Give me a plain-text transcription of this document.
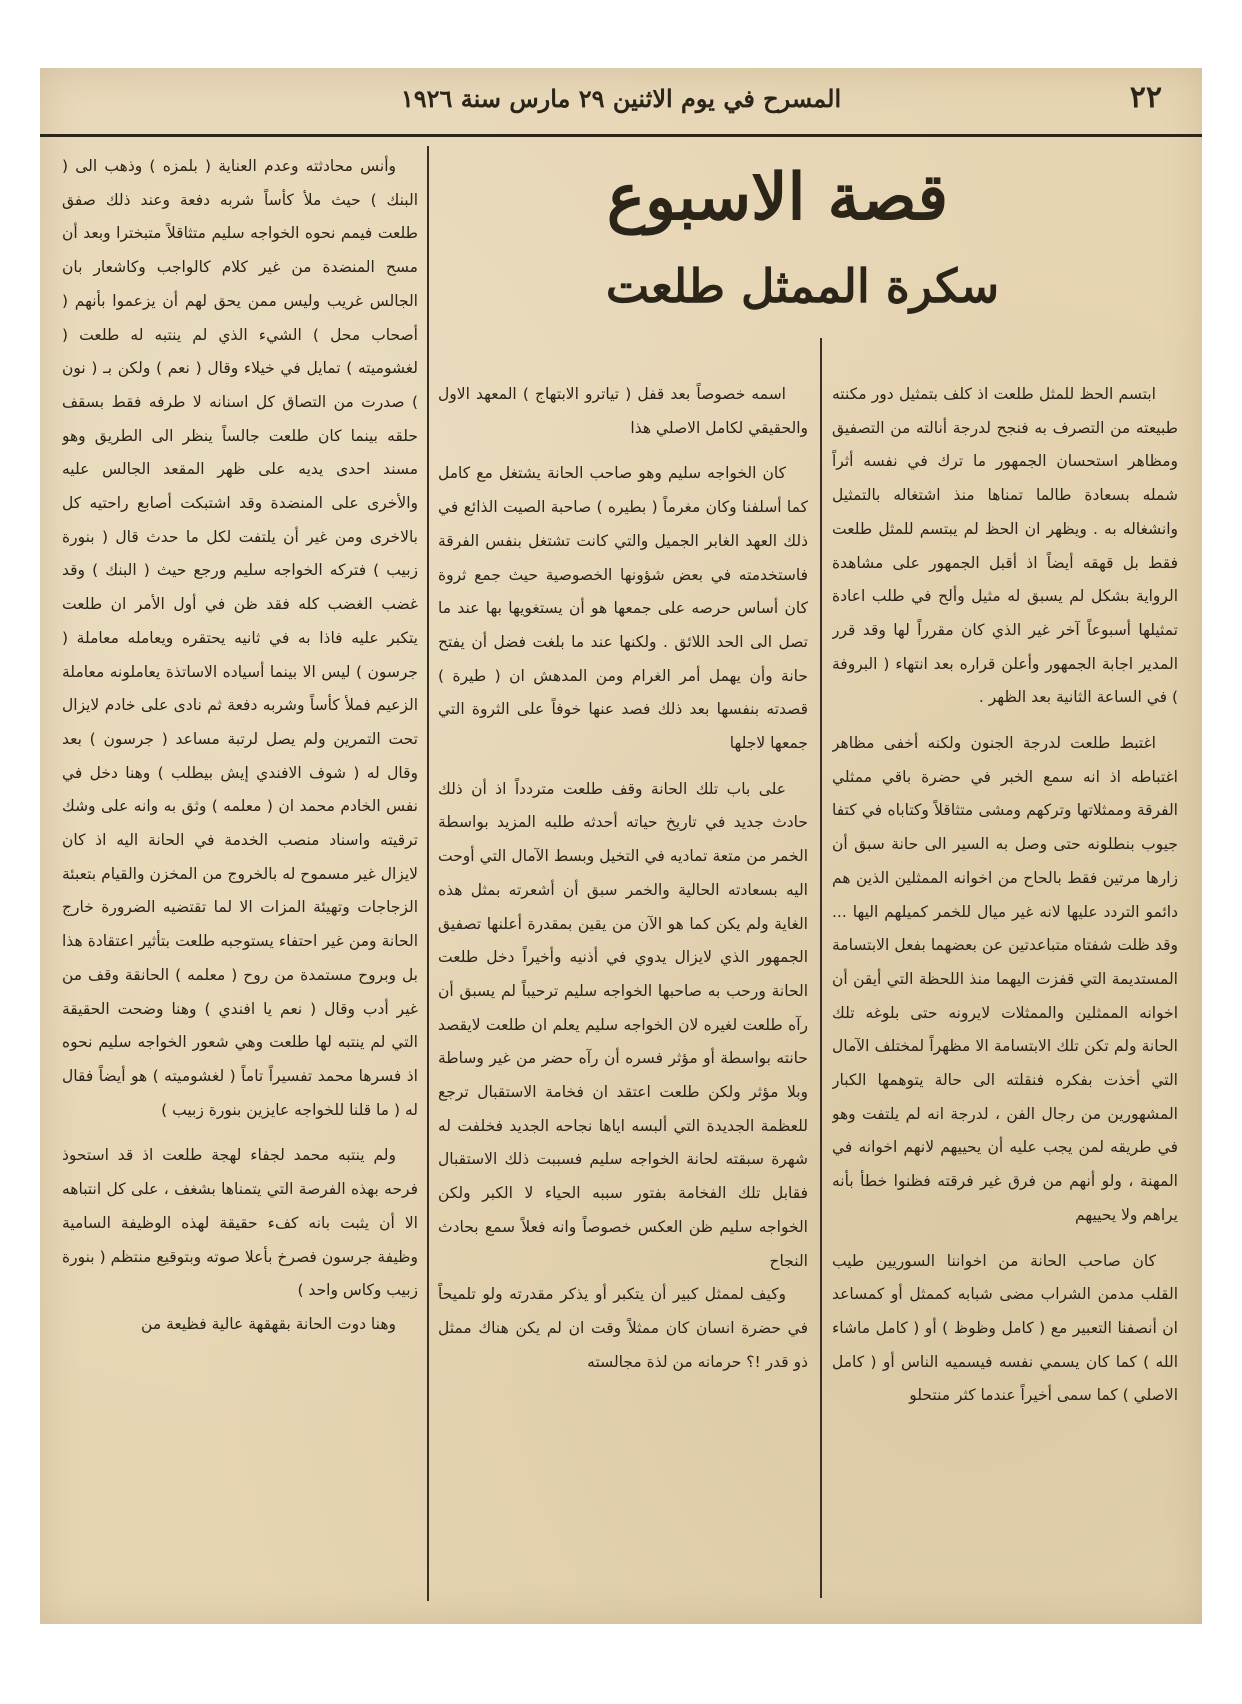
٢٢
المسرح في يوم الاثنين ٢٩ مارس سنة ١٩٢٦
قصة الاسبوع
سكرة الممثل طلعت

ابتسم الحظ للمثل طلعت اذ كلف بتمثيل دور مكنته طبيعته من التصرف به فنجح لدرجة أنالته من التصفيق ومظاهر استحسان الجمهور ما ترك في نفسه أثراً شمله بسعادة طالما تمناها منذ اشتغاله بالتمثيل وانشغاله به . ويظهر ان الحظ لم يبتسم للمثل طلعت فقط بل قهقه أيضاً اذ أقبل الجمهور على مشاهدة الرواية بشكل لم يسبق له مثيل وألح في طلب اعادة تمثيلها أسبوعاً آخر غير الذي كان مقرراً لها وقد قرر المدير اجابة الجمهور وأعلن قراره بعد انتهاء ( البروفة ) في الساعة الثانية بعد الظهر .

اغتبط طلعت لدرجة الجنون ولكنه أخفى مظاهر اغتباطه اذ انه سمع الخبر في حضرة باقي ممثلي الفرقة وممثلاتها وتركهم ومشى متثاقلاً وكتاباه في كتفا جيوب بنطلونه حتى وصل به السير الى حانة سبق أن زارها مرتين فقط بالحاح من اخوانه الممثلين الذين هم دائمو التردد عليها لانه غير ميال للخمر كميلهم اليها ... وقد ظلت شفتاه متباعدتين عن بعضهما بفعل الابتسامة المستديمة التي قفزت اليهما منذ اللحظة التي أيقن أن اخوانه الممثلين والممثلات لايرونه حتى بلوغه تلك الحانة ولم تكن تلك الابتسامة الا مظهراً لمختلف الآمال التي أخذت بفكره فنقلته الى حالة يتوهمها الكبار المشهورين من رجال الفن ، لدرجة انه لم يلتفت وهو في طريقه لمن يجب عليه أن يحييهم لانهم اخوانه في المهنة ، ولو أنهم من فرق غير فرقته فظنوا خطأ بأنه يراهم ولا يحييهم

كان صاحب الحانة من اخواننا السوريين طيب القلب مدمن الشراب مضى شبابه كممثل أو كمساعد ان أنصفنا التعبير مع ( كامل وظوظ ) أو ( كامل ماشاء الله ) كما كان يسمي نفسه فيسميه الناس أو ( كامل الاصلي ) كما سمى أخيراً عندما كثر منتحلو

اسمه خصوصاً بعد قفل ( تياترو الابتهاج ) المعهد الاول والحقيقي لكامل الاصلي هذا

كان الخواجه سليم وهو صاحب الحانة يشتغل مع كامل كما أسلفنا وكان مغرماً ( بطيره ) صاحبة الصيت الذائع في ذلك العهد الغابر الجميل والتي كانت تشتغل بنفس الفرقة فاستخدمته في بعض شؤونها الخصوصية حيث جمع ثروة كان أساس حرصه على جمعها هو أن يستغويها بها عند ما تصل الى الحد اللائق . ولكنها عند ما بلغت فضل أن يفتح حانة وأن يهمل أمر الغرام ومن المدهش ان ( طيرة ) قصدته بنفسها بعد ذلك فصد عنها خوفاً على الثروة التي جمعها لاجلها

على باب تلك الحانة وقف طلعت متردداً اذ أن ذلك حادث جديد في تاريخ حياته أحدثه طلبه المزيد بواسطة الخمر من متعة تماديه في التخيل وبسط الآمال التي أوحت اليه بسعادته الحالية والخمر سبق أن أشعرته بمثل هذه الغاية ولم يكن كما هو الآن من يقين بمقدرة أعلنها تصفيق الجمهور الذي لايزال يدوي في أذنيه وأخيراً دخل طلعت الحانة ورحب به صاحبها الخواجه سليم ترحيباً لم يسبق أن رآه طلعت لغيره لان الخواجه سليم يعلم ان طلعت لايقصد حانته بواسطة أو مؤثر فسره أن رآه حضر من غير وساطة وبلا مؤثر ولكن طلعت اعتقد ان فخامة الاستقبال ترجع للعظمة الجديدة التي ألبسه اياها نجاحه الجديد فخلفت له شهرة سبقته لحانة الخواجه سليم فسببت ذلك الاستقبال فقابل تلك الفخامة بفتور سببه الحياء لا الكبر ولكن الخواجه سليم ظن العكس خصوصاً وانه فعلاً سمع بحادث النجاح

وكيف لممثل كبير أن يتكبر أو يذكر مقدرته ولو تلميحاً في حضرة انسان كان ممثلاً وقت ان لم يكن هناك ممثل ذو قدر !؟ حرمانه من لذة مجالسته

وأنس محادثته وعدم العناية ( بلمزه ) وذهب الى ( البنك ) حيث ملأ كأساً شربه دفعة وعند ذلك صفق طلعت فيمم نحوه الخواجه سليم متثاقلاً متبخترا وبعد أن مسح المنضدة من غير كلام كالواجب وكاشعار بان الجالس غريب وليس ممن يحق لهم أن يزعموا بأنهم ( أصحاب محل ) الشيء الذي لم ينتبه له طلعت ( لغشوميته ) تمايل في خيلاء وقال ( نعم ) ولكن بـ ( نون ) صدرت من التصاق كل اسنانه لا طرفه فقط بسقف حلقه بينما كان طلعت جالساً ينظر الى الطريق وهو مسند احدى يديه على ظهر المقعد الجالس عليه والأخرى على المنضدة وقد اشتبكت أصابع راحتيه كل بالاخرى ومن غير أن يلتفت لكل ما حدث قال ( بنورة زبيب ) فتركه الخواجه سليم ورجع حيث ( البنك ) وقد غضب الغضب كله فقد ظن في أول الأمر ان طلعت يتكبر عليه فاذا به في ثانيه يحتقره ويعامله معاملة ( جرسون ) ليس الا بينما أسياده الاساتذة يعاملونه معاملة الزعيم فملأ كأساً وشربه دفعة ثم نادى على خادم لايزال تحت التمرين ولم يصل لرتبة مساعد ( جرسون ) بعد وقال له ( شوف الافندي إيش بيطلب ) وهنا دخل في نفس الخادم محمد ان ( معلمه ) وثق به وانه على وشك ترقيته واسناد منصب الخدمة في الحانة اليه اذ كان لايزال غير مسموح له بالخروج من المخزن والقيام بتعبئة الزجاجات وتهيئة المزات الا لما تقتضيه الضرورة خارج الحانة ومن غير احتفاء يستوجبه طلعت بتأثير اعتقادة هذا بل وبروح مستمدة من روح ( معلمه ) الحانقة وقف من غير أدب وقال ( نعم يا افندي ) وهنا وضحت الحقيقة التي لم ينتبه لها طلعت وهي شعور الخواجه سليم نحوه اذ فسرها محمد تفسيراً تاماً ( لغشوميته ) هو أيضاً فقال له ( ما قلنا للخواجه عايزين بنورة زبيب )

ولم ينتبه محمد لجفاء لهجة طلعت اذ قد استحوذ فرحه بهذه الفرصة التي يتمناها بشغف ، على كل انتباهه الا أن يثبت بانه كفء حقيقة لهذه الوظيفة السامية وظيفة جرسون فصرخ بأعلا صوته وبتوقيع منتظم ( بنورة زبيب وكاس واحد )

وهنا دوت الحانة بقهقهة عالية فظيعة من
